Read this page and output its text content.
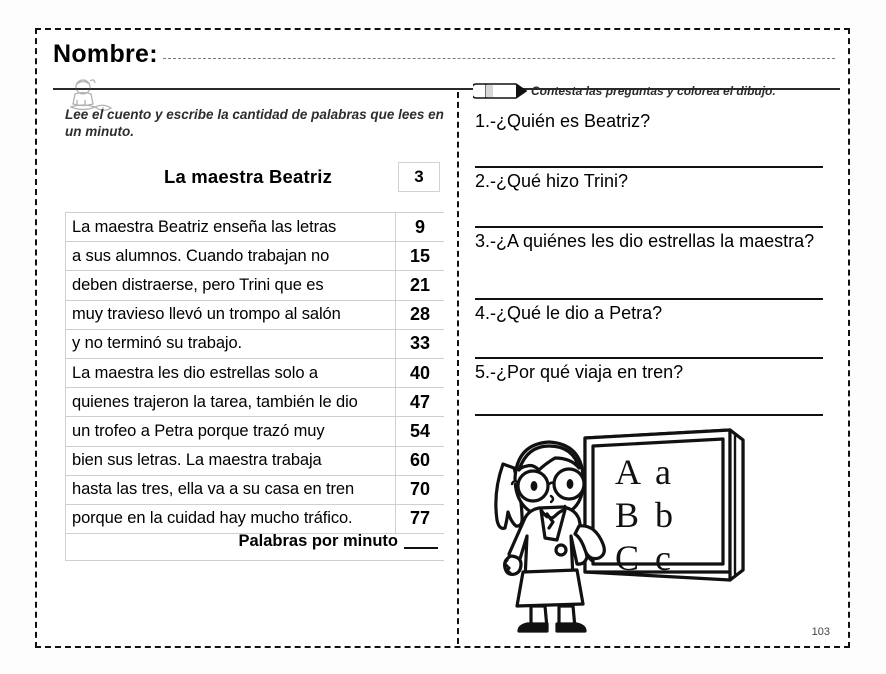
Nombre:
Lee el cuento y escribe la cantidad de palabras que lees en un minuto.
La maestra Beatriz	3
La maestra Beatriz enseña las letras	9
a sus alumnos. Cuando trabajan no	15
deben distraerse, pero Trini que es	21
muy travieso llevó un trompo al salón	28
y no terminó su trabajo.	33
La maestra les dio estrellas solo a	40
quienes trajeron la tarea, también le dio	47
un trofeo a Petra porque trazó muy	54
bien sus letras. La maestra trabaja	60
hasta las tres, ella va a su casa en tren	70
porque en la cuidad hay mucho tráfico.	77
Palabras por minuto
Contesta las preguntas y colorea el dibujo.
1.-¿Quién es Beatriz?
2.-¿Qué hizo Trini?
3.-¿A quiénes les dio estrellas la maestra?
4.-¿Qué le dio a Petra?
5.-¿Por qué viaja en tren?
A a
B b
C c
103
